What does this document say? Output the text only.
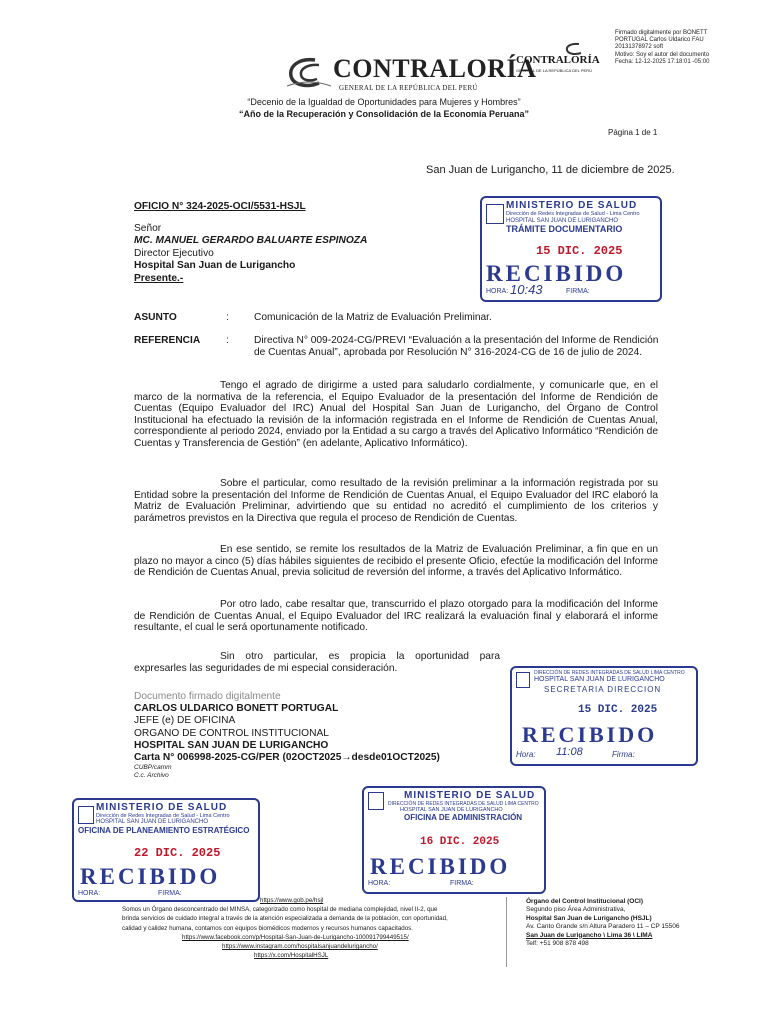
CONTRALORÍA
GENERAL DE LA REPÚBLICA DEL PERÚ
CONTRALORÍA
GENERAL DE LA REPÚBLICA DEL PERÚ
Firmado digitalmente por BONETT
PORTUGAL Carlos Uldarico FAU
20131378972 soft
Motivo: Soy el autor del documento
Fecha: 12-12-2025 17:18:01 -05:00
“Decenio de la Igualdad de Oportunidades para Mujeres y Hombres”
“Año de la Recuperación y Consolidación de la Economía Peruana”
Página 1 de 1
San Juan de Lurigancho, 11 de diciembre de 2025.
OFICIO N° 324-2025-OCI/5531-HSJL
Señor
MC. MANUEL GERARDO BALUARTE ESPINOZA
Director Ejecutivo
Hospital San Juan de Lurigancho
Presente.-
ASUNTO	: Comunicación de la Matriz de Evaluación Preliminar.
REFERENCIA	: Directiva N° 009-2024-CG/PREVI “Evaluación a la presentación del Informe de Rendición
de Cuentas Anual”, aprobada por Resolución N° 316-2024-CG de 16 de julio de 2024.
Tengo el agrado de dirigirme a usted para saludarlo cordialmente, y comunicarle que, en el marco de la normativa de la referencia, el Equipo Evaluador de la presentación del Informe de Rendición de Cuentas (Equipo Evaluador del IRC) Anual del Hospital San Juan de Lurigancho, del Órgano de Control Institucional ha efectuado la revisión de la información registrada en el Informe de Rendición de Cuentas Anual, correspondiente al periodo 2024, enviado por la Entidad a su cargo a través del Aplicativo Informático “Rendición de Cuentas y Transferencia de Gestión” (en adelante, Aplicativo Informático).
Sobre el particular, como resultado de la revisión preliminar a la información registrada por su Entidad sobre la presentación del Informe de Rendición de Cuentas Anual, el Equipo Evaluador del IRC elaboró la Matriz de Evaluación Preliminar, advirtiendo que su entidad no acreditó el cumplimiento de los criterios y parámetros previstos en la Directiva que regula el proceso de Rendición de Cuentas.
En ese sentido, se remite los resultados de la Matriz de Evaluación Preliminar, a fin que en un plazo no mayor a cinco (5) días hábiles siguientes de recibido el presente Oficio, efectúe la modificación del Informe de Rendición de Cuentas Anual, previa solicitud de reversión del informe, a través del Aplicativo Informático.
Por otro lado, cabe resaltar que, transcurrido el plazo otorgado para la modificación del Informe de Rendición de Cuentas Anual, el Equipo Evaluador del IRC realizará la evaluación final y elaborará el informe resultante, el cual le será oportunamente notificado.
Sin otro particular, es propicia la oportunidad para expresarles las seguridades de mi especial consideración.
Documento firmado digitalmente
CARLOS ULDARICO BONETT PORTUGAL
JEFE (e) DE OFICINA
ORGANO DE CONTROL INSTITUCIONAL
HOSPITAL SAN JUAN DE LURIGANCHO
Carta N° 006998-2025-CG/PER (02OCT2025→desde01OCT2025)
CUBP/camm
C.c. Archivo
MINISTERIO DE SALUD
Dirección de Redes Integradas de Salud - Lima Centro
HOSPITAL SAN JUAN DE LURIGANCHO
TRÁMITE DOCUMENTARIO
15 DIC. 2025
RECIBIDO
HORA: 10:43	FIRMA:
DIRECCIÓN DE REDES INTEGRADAS DE SALUD LIMA CENTRO
HOSPITAL SAN JUAN DE LURIGANCHO
SECRETARIA DIRECCION
15 DIC. 2025
RECIBIDO
Hora: 11:08	Firma:
MINISTERIO DE SALUD
Dirección de Redes Integradas de Salud - Lima Centro
HOSPITAL SAN JUAN DE LURIGANCHO
OFICINA DE PLANEAMIENTO ESTRATÉGICO
22 DIC. 2025
RECIBIDO
HORA:	FIRMA:
MINISTERIO DE SALUD
DIRECCIÓN DE REDES INTEGRADAS DE SALUD LIMA CENTRO
HOSPITAL SAN JUAN DE LURIGANCHO
OFICINA DE ADMINISTRACIÓN
16 DIC. 2025
RECIBIDO
HORA:	FIRMA:
https://www.gob.pe/hsjl
Somos un Órgano desconcentrado del MINSA, categorizado como hospital de mediana complejidad, nivel II-2, que
brinda servicios de cuidado integral a través de la atención especializada a demanda de la población, con oportunidad,
calidad y calidez humana, contamos con equipos biomédicos modernos y recursos humanos capacitados.
https://www.facebook.com/p/Hospital-San-Juan-de-Lurigancho-100091799449515/
https://www.instagram.com/hospitalsanjuandelurigancho/
https://x.com/HospitalHSJL
Órgano del Control Institucional (OCI)
Segundo piso Área Administrativa,
Hospital San Juan de Lurigancho (HSJL)
Av. Canto Grande s/n Altura Paradero 11 – CP 15506
San Juan de Lurigancho \ Lima 36 \ LIMA
Telf: +51 908 878 498
